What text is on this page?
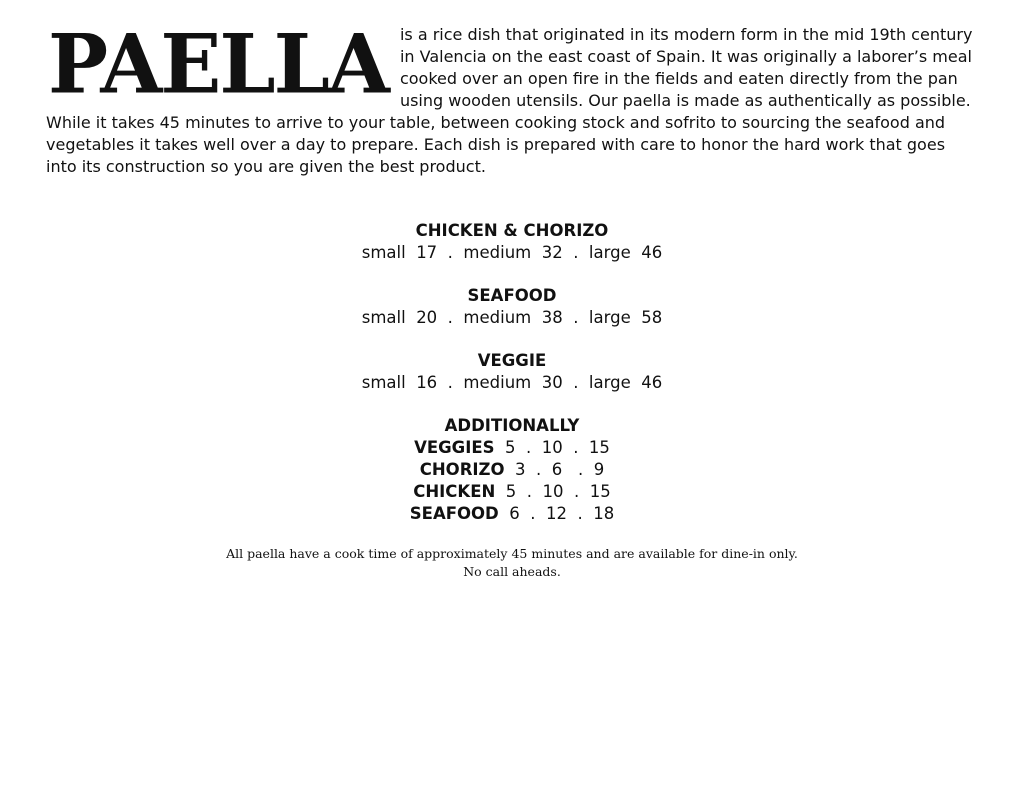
PAELLA is a rice dish that originated in its modern form in the mid 19th century in Valencia on the east coast of Spain. It was originally a laborer’s meal cooked over an open fire in the fields and eaten directly from the pan using wooden utensils. Our paella is made as authentically as possible. While it takes 45 minutes to arrive to your table, between cooking stock and sofrito to sourcing the seafood and vegetables it takes well over a day to prepare. Each dish is prepared with care to honor the hard work that goes into its construction so you are given the best product.

CHICKEN & CHORIZO

small  17  .  medium  32  .  large  46

SEAFOOD

small  20  .  medium  38  .  large  58

VEGGIE

small  16  .  medium  30  .  large  46

ADDITIONALLY

VEGGIES 5  .  10  .  15

CHORIZO 3  .  6   .  9

CHICKEN 5  .  10  .  15

SEAFOOD 6  .  12  .  18

All paella have a cook time of approximately 45 minutes and are available for dine-in only.

No call aheads.
